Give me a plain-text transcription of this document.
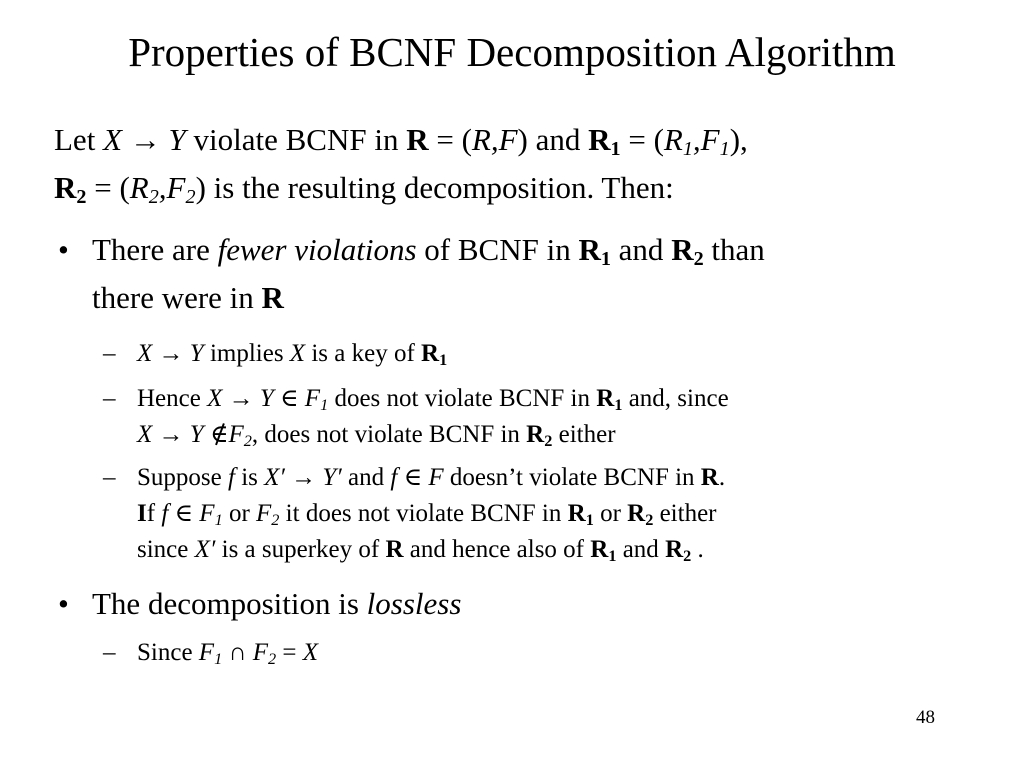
Properties of BCNF Decomposition Algorithm
Let X → Y violate BCNF in R = (R,F) and $R_1 = (R_1,F_1)$,
$R_2 = (R_2,F_2)$ is the resulting decomposition. Then:
• There are fewer violations of BCNF in $R_1$ and $R_2$ than
there were in R
– X → Y implies X is a key of $R_1$
– Hence X → Y ∈ $F_1$ does not violate BCNF in $R_1$ and, since
X → Y $\notin F_2$, does not violate BCNF in $R_2$ either
– Suppose f is X′ → Y′ and f ∈ F doesn’t violate BCNF in R.
If f ∈ $F_1$ or $F_2$ it does not violate BCNF in $R_1$ or $R_2$ either
since X′ is a superkey of R and hence also of $R_1$ and $R_2$ .
• The decomposition is lossless
– Since $F_1$ ∩ $F_2 = X$
48
